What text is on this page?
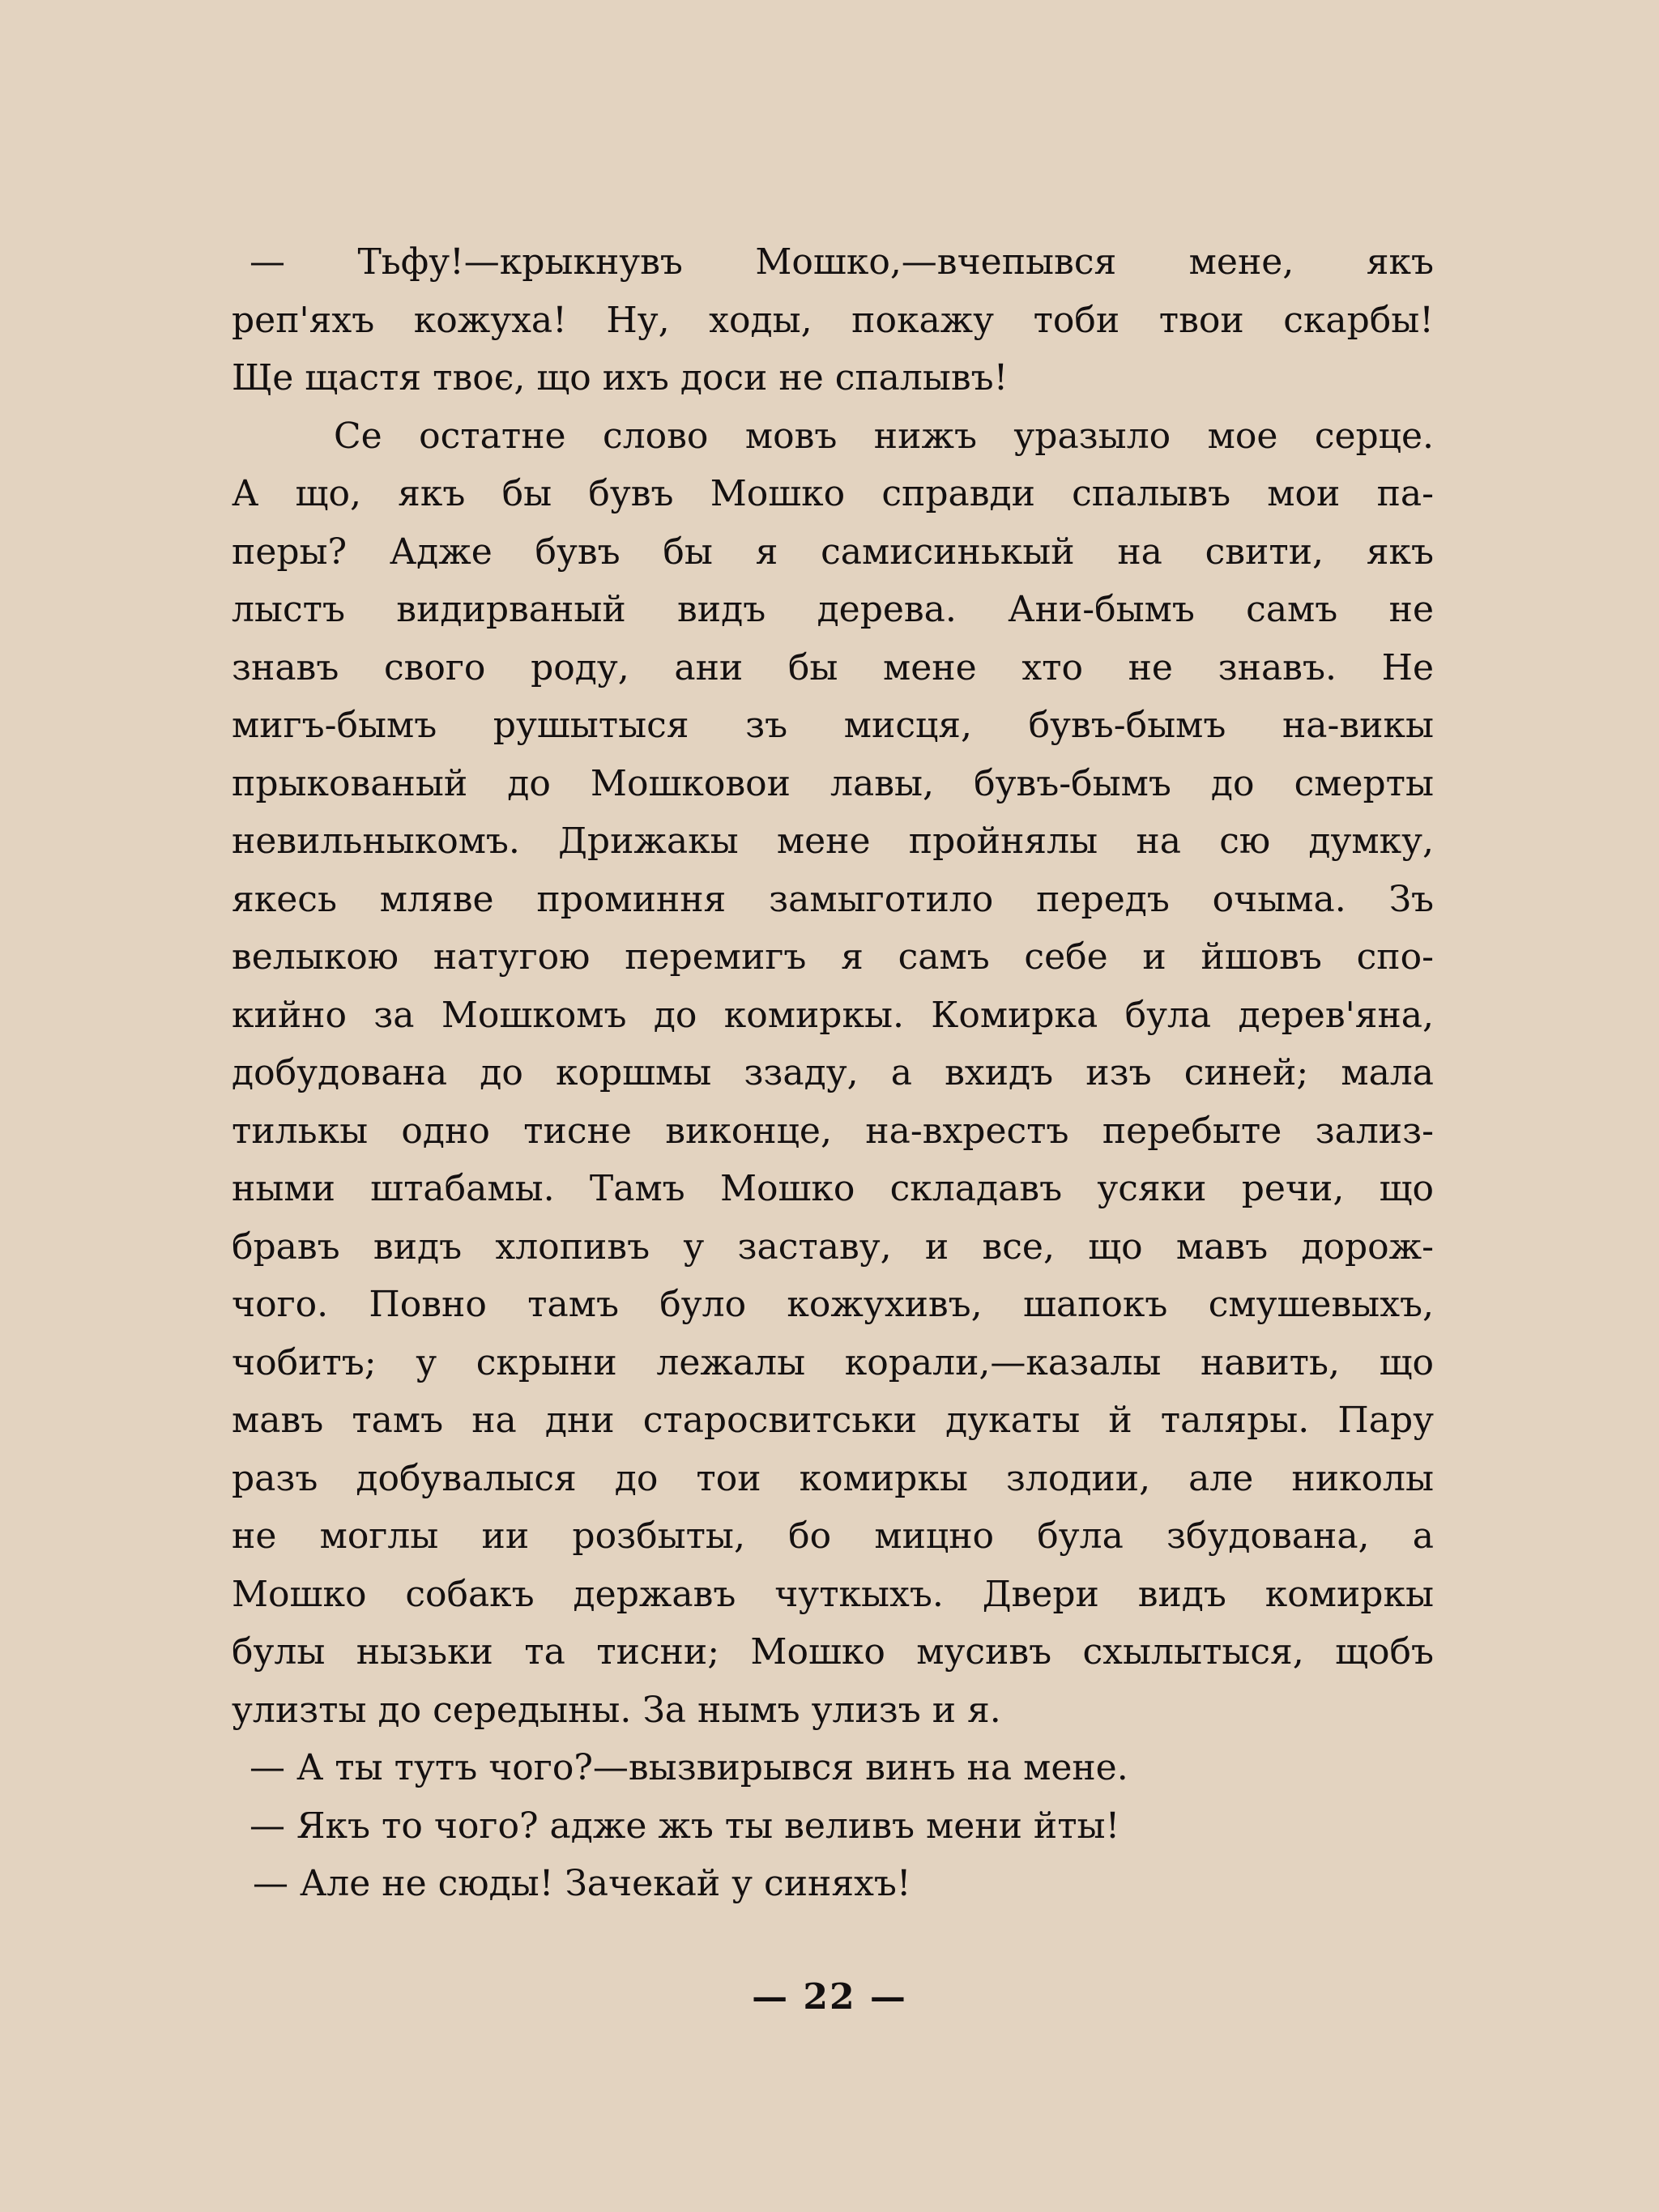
— Тьфу!—крыкнувъ Мошко,—вчепывся мене, якъ
реп'яхъ кожуха! Ну, ходы, покажу тоби твои скарбы!
Ще щастя твоє, що ихъ доси не спалывъ!
Се остатне слово мовъ нижъ уразыло мое серце.
А що, якъ бы бувъ Мошко справди спалывъ мои па-
перы? Адже бувъ бы я самисинькый на свити, якъ
лыстъ видирваный видъ дерева. Ани-бымъ самъ не
знавъ свого роду, ани бы мене хто не знавъ. Не
мигъ-бымъ рушытыся зъ мисця, бувъ-бымъ на-викы
прыкованый до Мошковои лавы, бувъ-бымъ до смерты
невильныкомъ. Дрижакы мене пройнялы на сю думку,
якесь мляве проминня замыготило передъ очыма. Зъ
велыкою натугою перемигъ я самъ себе и йшовъ спо-
кийно за Мошкомъ до комиркы. Комирка була дерев'яна,
добудована до коршмы ззаду, а вхидъ изъ синей; мала
тилькы одно тисне виконце, на-вхрестъ перебыте зализ-
ными штабамы. Тамъ Мошко складавъ усяки речи, що
бравъ видъ хлопивъ у заставу, и все, що мавъ дорож-
чого. Повно тамъ було кожухивъ, шапокъ смушевыхъ,
чобитъ; у скрыни лежалы корали,—казалы навить, що
мавъ тамъ на дни старосвитськи дукаты й таляры. Пару
разъ добувалыся до тои комиркы злодии, але николы
не моглы ии розбыты, бо мицно була збудована, а
Мошко собакъ державъ чуткыхъ. Двери видъ комиркы
булы нызьки та тисни; Мошко мусивъ схылытыся, щобъ
улизты до середыны. За нымъ улизъ и я.
— А ты тутъ чого?—вызвирывся винъ на мене.
— Якъ то чого? адже жъ ты веливъ мени йты!
— Але не сюды! Зачекай у синяхъ!
— 22 —
